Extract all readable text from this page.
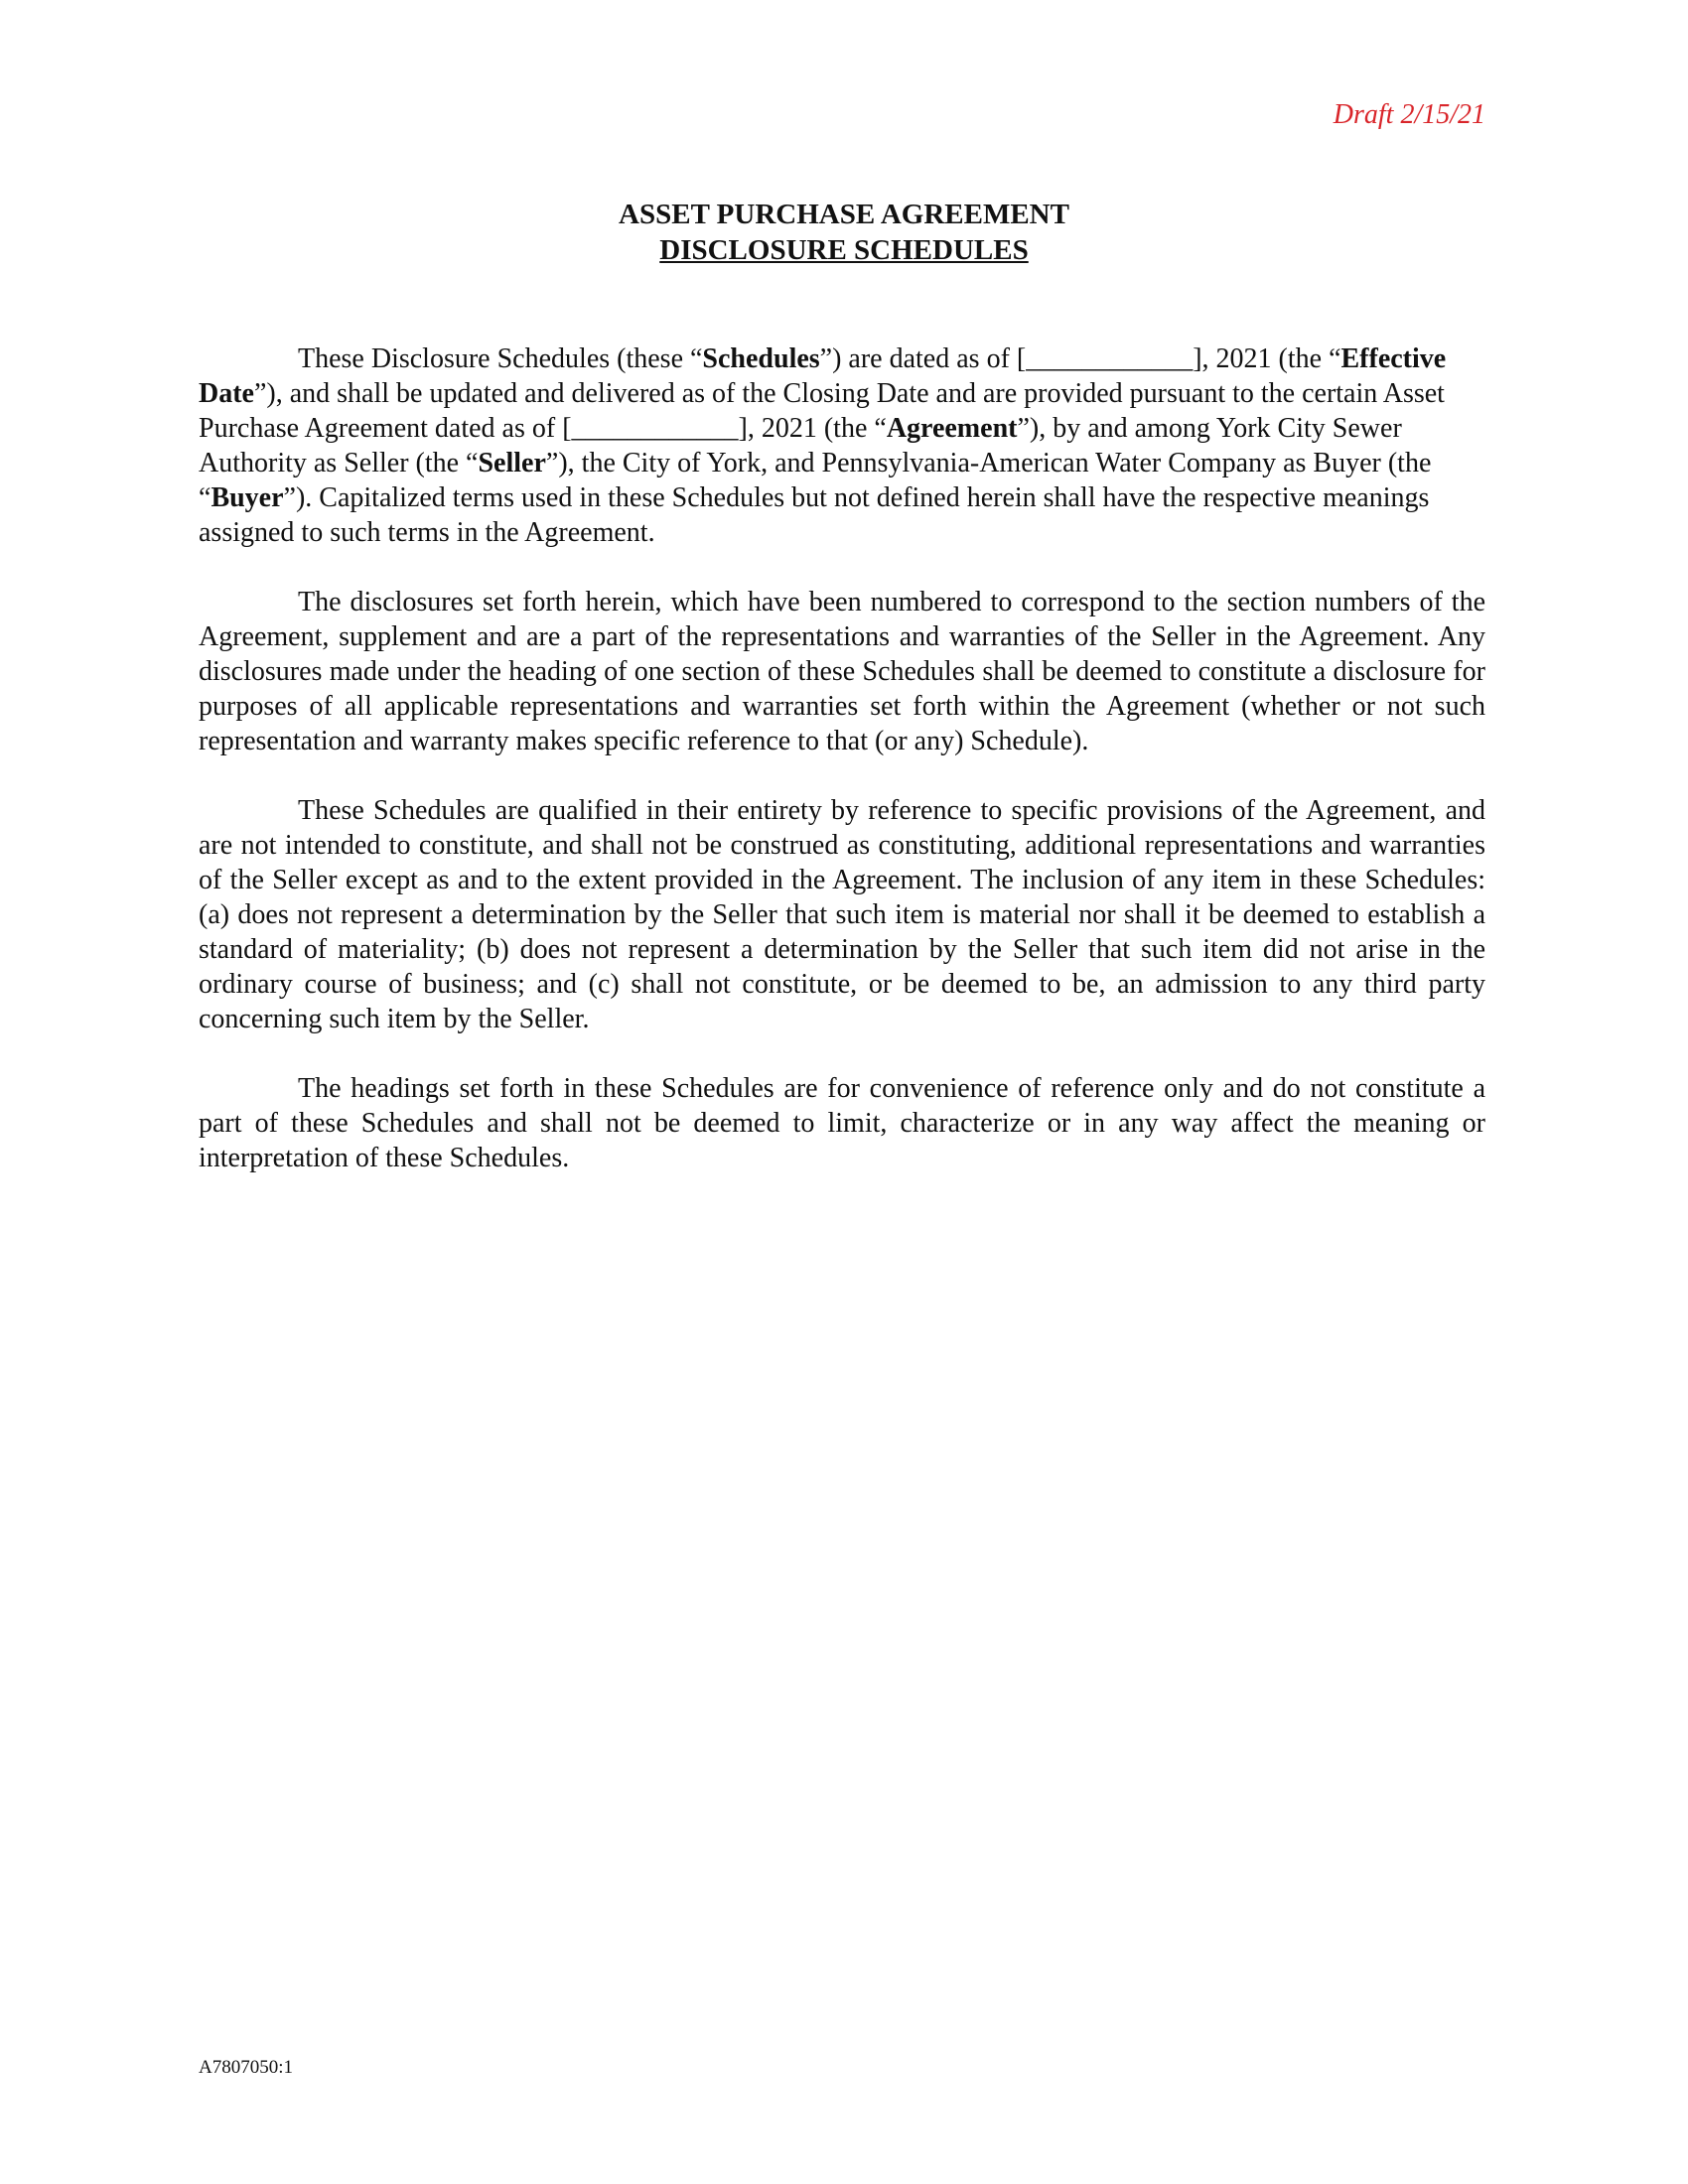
Draft 2/15/21
ASSET PURCHASE AGREEMENT
DISCLOSURE SCHEDULES

These Disclosure Schedules (these “Schedules”) are dated as of [____________], 2021 (the “Effective Date”), and shall be updated and delivered as of the Closing Date and are provided pursuant to the certain Asset Purchase Agreement dated as of [____________], 2021 (the “Agreement”), by and among York City Sewer Authority as Seller (the “Seller”), the City of York, and Pennsylvania-American Water Company as Buyer (the “Buyer”). Capitalized terms used in these Schedules but not defined herein shall have the respective meanings assigned to such terms in the Agreement.

The disclosures set forth herein, which have been numbered to correspond to the section numbers of the Agreement, supplement and are a part of the representations and warranties of the Seller in the Agreement. Any disclosures made under the heading of one section of these Schedules shall be deemed to constitute a disclosure for purposes of all applicable representations and warranties set forth within the Agreement (whether or not such representation and warranty makes specific reference to that (or any) Schedule).

These Schedules are qualified in their entirety by reference to specific provisions of the Agreement, and are not intended to constitute, and shall not be construed as constituting, additional representations and warranties of the Seller except as and to the extent provided in the Agreement. The inclusion of any item in these Schedules: (a) does not represent a determination by the Seller that such item is material nor shall it be deemed to establish a standard of materiality; (b) does not represent a determination by the Seller that such item did not arise in the ordinary course of business; and (c) shall not constitute, or be deemed to be, an admission to any third party concerning such item by the Seller.

The headings set forth in these Schedules are for convenience of reference only and do not constitute a part of these Schedules and shall not be deemed to limit, characterize or in any way affect the meaning or interpretation of these Schedules.

A7807050:1
